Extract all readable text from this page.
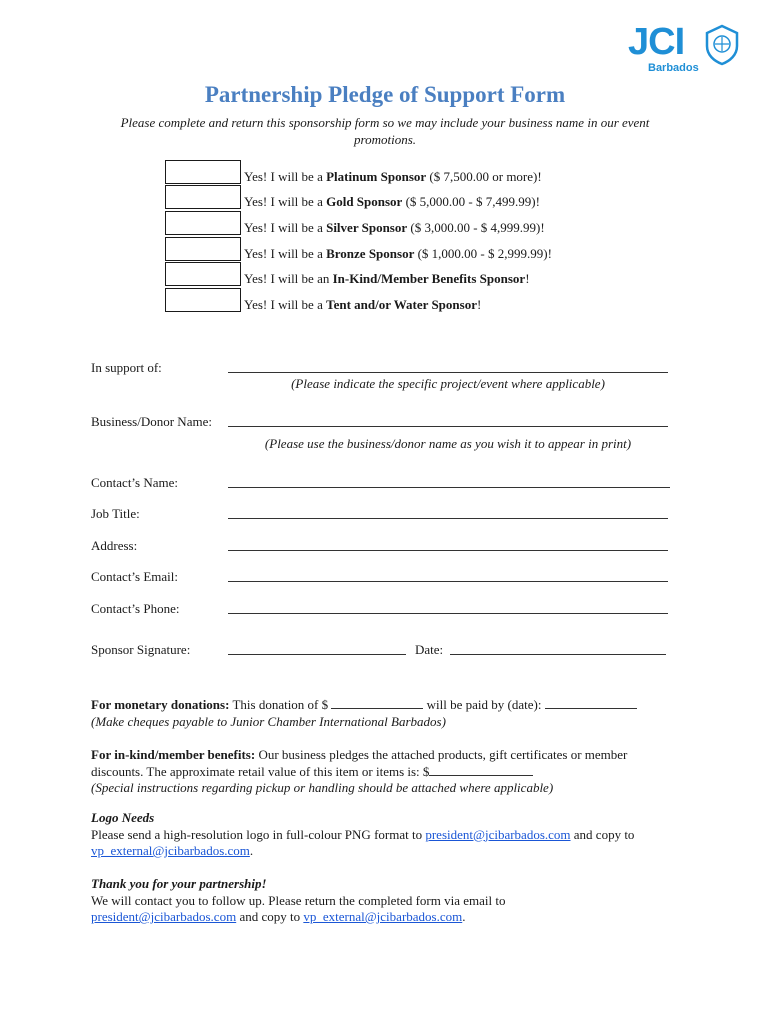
JCI
Barbados
Partnership Pledge of Support Form
Please complete and return this sponsorship form so we may include your business name in our event promotions.
Yes! I will be a Platinum Sponsor ($ 7,500.00 or more)!
Yes! I will be a Gold Sponsor ($ 5,000.00 - $ 7,499.99)!
Yes! I will be a Silver Sponsor ($ 3,000.00 - $ 4,999.99)!
Yes! I will be a Bronze Sponsor ($ 1,000.00 - $ 2,999.99)!
Yes! I will be an In-Kind/Member Benefits Sponsor!
Yes! I will be a Tent and/or Water Sponsor!
In support of:
(Please indicate the specific project/event where applicable)
Business/Donor Name:
(Please use the business/donor name as you wish it to appear in print)
Contact’s Name:
Job Title:
Address:
Contact’s Email:
Contact’s Phone:
Sponsor Signature:	Date:
For monetary donations: This donation of $	will be paid by (date):
(Make cheques payable to Junior Chamber International Barbados)
For in-kind/member benefits: Our business pledges the attached products, gift certificates or member discounts. The approximate retail value of this item or items is: $
(Special instructions regarding pickup or handling should be attached where applicable)
Logo Needs
Please send a high-resolution logo in full-colour PNG format to president@jcibarbados.com and copy to
vp_external@jcibarbados.com.
Thank you for your partnership!
We will contact you to follow up. Please return the completed form via email to
president@jcibarbados.com and copy to vp_external@jcibarbados.com.
